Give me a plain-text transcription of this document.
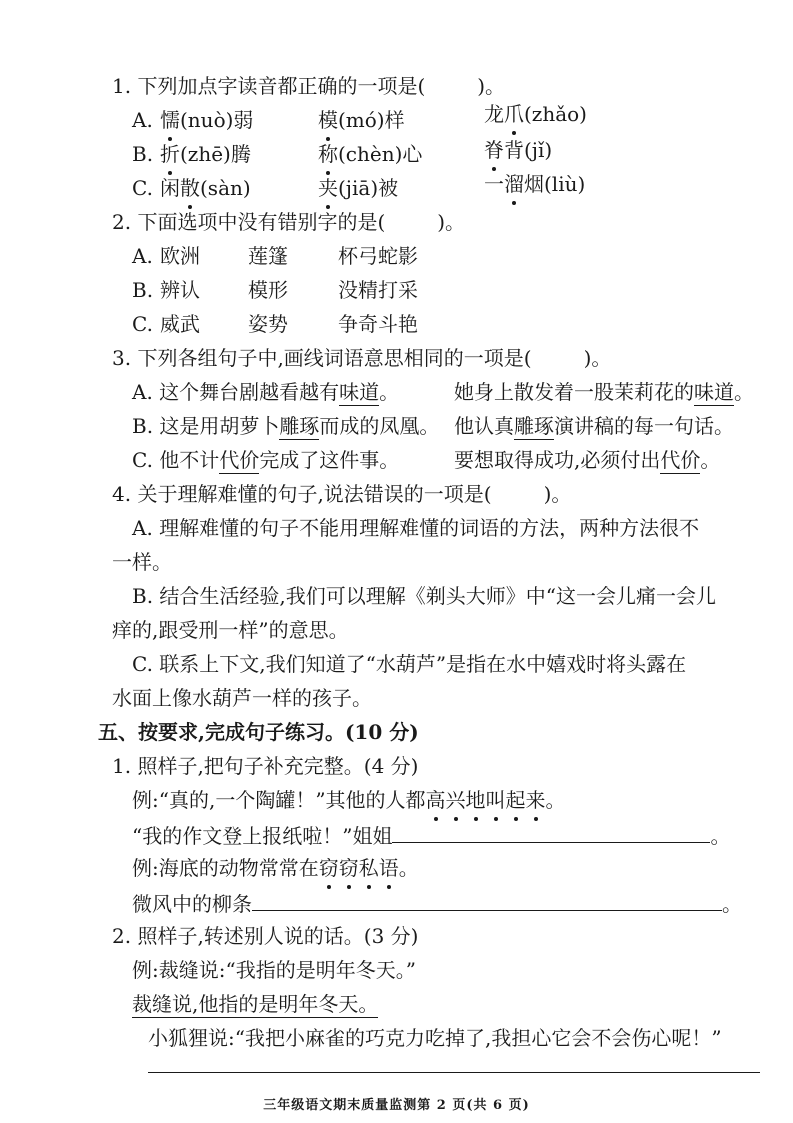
1. 下列加点字读音都正确的一项是(	)。
A. 懦(nuò)弱	模(mó)样	龙爪(zhǎo)
B. 折(zhē)腾	称(chèn)心	脊背(jǐ)
C. 闲散(sàn)	夹(jiā)被	一溜烟(liù)
2. 下面选项中没有错别字的是(	)。
A. 欧洲 莲篷	杯弓蛇影
B. 辨认 模形	没精打采
C. 威武 姿势	争奇斗艳
3. 下列各组句子中,画线词语意思相同的一项是(	)。
A. 这个舞台剧越看越有味道。	她身上散发着一股茉莉花的味道。
B. 这是用胡萝卜雕琢而成的凤凰。 他认真雕琢演讲稿的每一句话。
C. 他不计代价完成了这件事。	要想取得成功,必须付出代价。
4. 关于理解难懂的句子,说法错误的一项是(	)。
A. 理解难懂的句子不能用理解难懂的词语的方法，两种方法很不
一样。
B. 结合生活经验,我们可以理解《剃头大师》中“这一会儿痛一会儿
痒的,跟受刑一样”的意思。
C. 联系上下文,我们知道了“水葫芦”是指在水中嬉戏时将头露在
水面上像水葫芦一样的孩子。
五、按要求,完成句子练习。(10 分)
1. 照样子,把句子补充完整。(4 分)
例:“真的,一个陶罐！”其他的人都高兴地叫起来。
“我的作文登上报纸啦！”姐姐	。
例:海底的动物常常在窃窃私语。
微风中的柳条	。
2. 照样子,转述别人说的话。(3 分)
例:裁缝说:“我指的是明年冬天。”
裁缝说,他指的是明年冬天。
小狐狸说:“我把小麻雀的巧克力吃掉了,我担心它会不会伤心呢！”
三年级语文期末质量监测第 2 页(共 6 页)
